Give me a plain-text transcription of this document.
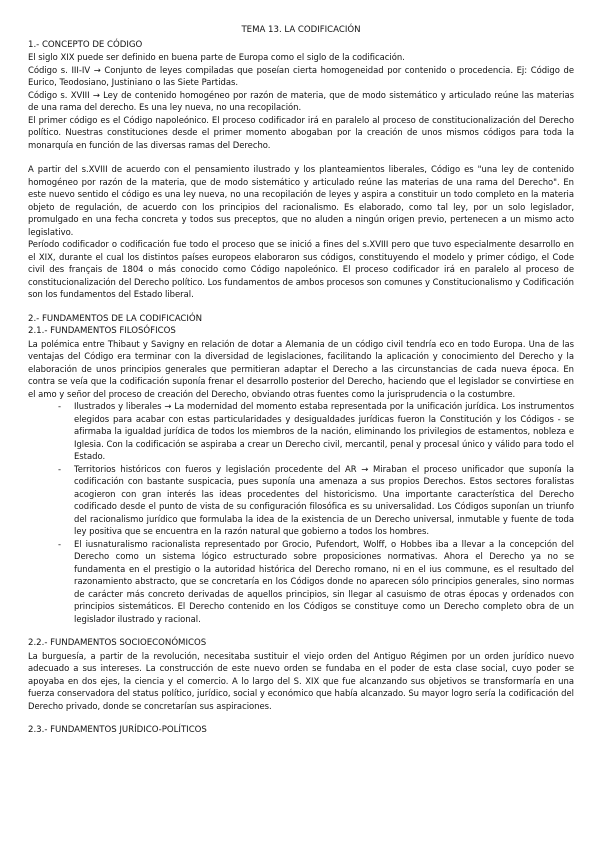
TEMA 13. LA CODIFICACIÓN
1.- CONCEPTO DE CÓDIGO

El siglo XIX puede ser definido en buena parte de Europa como el siglo de la codificación.

Código s. III-IV → Conjunto de leyes compiladas que poseían cierta homogeneidad por contenido o procedencia. Ej: Código de Eurico, Teodosiano, Justiniano o las Siete Partidas.

Código s. XVIII → Ley de contenido homogéneo por razón de materia, que de modo sistemático y articulado reúne las materias de una rama del derecho. Es una ley nueva, no una recopilación.

El primer código es el Código napoleónico. El proceso codificador irá en paralelo al proceso de constitucionalización del Derecho político. Nuestras constituciones desde el primer momento abogaban por la creación de unos mismos códigos para toda la monarquía en función de las diversas ramas del Derecho.

A partir del s.XVIII de acuerdo con el pensamiento ilustrado y los planteamientos liberales, Código es "una ley de contenido homogéneo por razón de la materia, que de modo sistemático y articulado reúne las materias de una rama del Derecho". En este nuevo sentido el código es una ley nueva, no una recopilación de leyes y aspira a constituir un todo completo en la materia objeto de regulación, de acuerdo con los principios del racionalismo. Es elaborado, como tal ley, por un solo legislador, promulgado en una fecha concreta y todos sus preceptos, que no aluden a ningún origen previo, pertenecen a un mismo acto legislativo.

Período codificador o codificación fue todo el proceso que se inició a fines del s.XVIII pero que tuvo especialmente desarrollo en el XIX, durante el cual los distintos países europeos elaboraron sus códigos, constituyendo el modelo y primer código, el Code civil des français de 1804 o más conocido como Código napoleónico. El proceso codificador irá en paralelo al proceso de constitucionalización del Derecho político. Los fundamentos de ambos procesos son comunes y Constitucionalismo y Codificación son los fundamentos del Estado liberal.

2.- FUNDAMENTOS DE LA CODIFICACIÓN
2.1.- FUNDAMENTOS FILOSÓFICOS

La polémica entre Thibaut y Savigny en relación de dotar a Alemania de un código civil tendría eco en todo Europa. Una de las ventajas del Código era terminar con la diversidad de legislaciones, facilitando la aplicación y conocimiento del Derecho y la elaboración de unos principios generales que permitieran adaptar el Derecho a las circunstancias de cada nueva época. En contra se veía que la codificación suponía frenar el desarrollo posterior del Derecho, haciendo que el legislador se convirtiese en el amo y señor del proceso de creación del Derecho, obviando otras fuentes como la jurisprudencia o la costumbre.

- Ilustrados y liberales → La modernidad del momento estaba representada por la unificación jurídica. Los instrumentos elegidos para acabar con estas particularidades y desigualdades jurídicas fueron la Constitución y los Códigos - se afirmaba la igualdad jurídica de todos los miembros de la nación, eliminando los privilegios de estamentos, nobleza e Iglesia. Con la codificación se aspiraba a crear un Derecho civil, mercantil, penal y procesal único y válido para todo el Estado.
- Territorios históricos con fueros y legislación procedente del AR → Miraban el proceso unificador que suponía la codificación con bastante suspicacia, pues suponía una amenaza a sus propios Derechos. Estos sectores foralistas acogieron con gran interés las ideas procedentes del historicismo. Una importante característica del Derecho codificado desde el punto de vista de su configuración filosófica es su universalidad. Los Códigos suponían un triunfo del racionalismo jurídico que formulaba la idea de la existencia de un Derecho universal, inmutable y fuente de toda ley positiva que se encuentra en la razón natural que gobierno a todos los hombres.
- El iusnaturalismo racionalista representado por Grocio, Pufendort, Wolff, o Hobbes iba a llevar a la concepción del Derecho como un sistema lógico estructurado sobre proposiciones normativas. Ahora el Derecho ya no se fundamenta en el prestigio o la autoridad histórica del Derecho romano, ni en el ius commune, es el resultado del razonamiento abstracto, que se concretaría en los Códigos donde no aparecen sólo principios generales, sino normas de carácter más concreto derivadas de aquellos principios, sin llegar al casuismo de otras épocas y ordenados con principios sistemáticos. El Derecho contenido en los Códigos se constituye como un Derecho completo obra de un legislador ilustrado y racional.
2.2.- FUNDAMENTOS SOCIOECONÓMICOS

La burguesía, a partir de la revolución, necesitaba sustituir el viejo orden del Antiguo Régimen por un orden jurídico nuevo adecuado a sus intereses. La construcción de este nuevo orden se fundaba en el poder de esta clase social, cuyo poder se apoyaba en dos ejes, la ciencia y el comercio. A lo largo del S. XIX que fue alcanzando sus objetivos se transformaría en una fuerza conservadora del status político, jurídico, social y económico que había alcanzado. Su mayor logro sería la codificación del Derecho privado, donde se concretarían sus aspiraciones.

2.3.- FUNDAMENTOS JURÍDICO-POLÍTICOS
